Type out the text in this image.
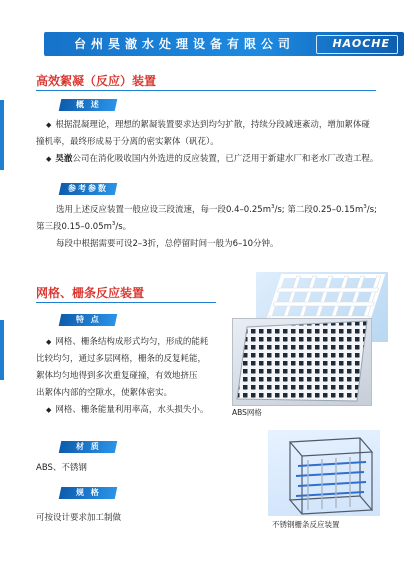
台州昊澈水处理设备有限公司	HAOCHE
高效絮凝（反应）装置
概 述
◆ 根据混凝理论，理想的絮凝装置要求达到均匀扩散，持续分段减速紊动，增加絮体碰
撞机率，最终形成易于分离的密实絮体（矾花）。
◆ 昊澈公司在消化吸收国内外选进的反应装置，已广泛用于新建水厂和老水厂改造工程。
参考参数
选用上述反应装置一般应设三段流速，每一段$0.4-0.25m^3/s$; 第二段$0.25-0.15m^3/s$;
第三段$0.15-0.05m^3/s$。
每段中根据需要可设2–3折，总停留时间一般为6–10分钟。
网格、栅条反应装置
ABS网格
特 点
◆ 网格、栅条结构成形式均匀，形成的能耗
比较均匀，通过多层网格，栅条的反复耗能，
絮体均匀地得到多次重复碰撞，有效地挤压
出絮体内部的空隙水，使絮体密实。
◆ 网格、栅条能量利用率高，水头损失小。
材 质
ABS、不锈钢
规 格
可按设计要求加工制做
不锈钢栅条反应装置
